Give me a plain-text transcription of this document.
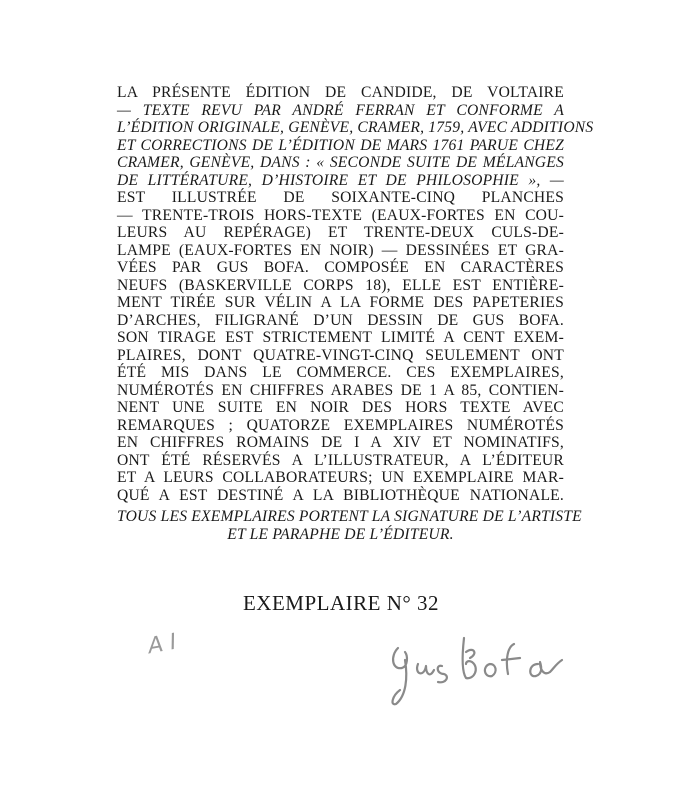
LA PRÉSENTE ÉDITION DE CANDIDE, DE VOLTAIRE
— TEXTE REVU PAR ANDRÉ FERRAN ET CONFORME A
L’ÉDITION ORIGINALE, GENÈVE, CRAMER, 1759, AVEC ADDITIONS
ET CORRECTIONS DE L’ÉDITION DE MARS 1761 PARUE CHEZ
CRAMER, GENÈVE, DANS : « SECONDE SUITE DE MÉLANGES
DE LITTÉRATURE, D’HISTOIRE ET DE PHILOSOPHIE », —
EST ILLUSTRÉE DE SOIXANTE-CINQ PLANCHES
— TRENTE-TROIS HORS-TEXTE (EAUX-FORTES EN COU-
LEURS AU REPÉRAGE) ET TRENTE-DEUX CULS-DE-
LAMPE (EAUX-FORTES EN NOIR) — DESSINÉES ET GRA-
VÉES PAR GUS BOFA. COMPOSÉE EN CARACTÈRES
NEUFS (BASKERVILLE CORPS 18), ELLE EST ENTIÈRE-
MENT TIRÉE SUR VÉLIN A LA FORME DES PAPETERIES
D’ARCHES, FILIGRANÉ D’UN DESSIN DE GUS BOFA.
SON TIRAGE EST STRICTEMENT LIMITÉ A CENT EXEM-
PLAIRES, DONT QUATRE-VINGT-CINQ SEULEMENT ONT
ÉTÉ MIS DANS LE COMMERCE. CES EXEMPLAIRES,
NUMÉROTÉS EN CHIFFRES ARABES DE 1 A 85, CONTIEN-
NENT UNE SUITE EN NOIR DES HORS TEXTE AVEC
REMARQUES ; QUATORZE EXEMPLAIRES NUMÉROTÉS
EN CHIFFRES ROMAINS DE I A XIV ET NOMINATIFS,
ONT ÉTÉ RÉSERVÉS A L’ILLUSTRATEUR, A L’ÉDITEUR
ET A LEURS COLLABORATEURS; UN EXEMPLAIRE MAR-
QUÉ A EST DESTINÉ A LA BIBLIOTHÈQUE NATIONALE.
TOUS LES EXEMPLAIRES PORTENT LA SIGNATURE DE L’ARTISTE
ET LE PARAPHE DE L’ÉDITEUR.
EXEMPLAIRE N° 32
A I
